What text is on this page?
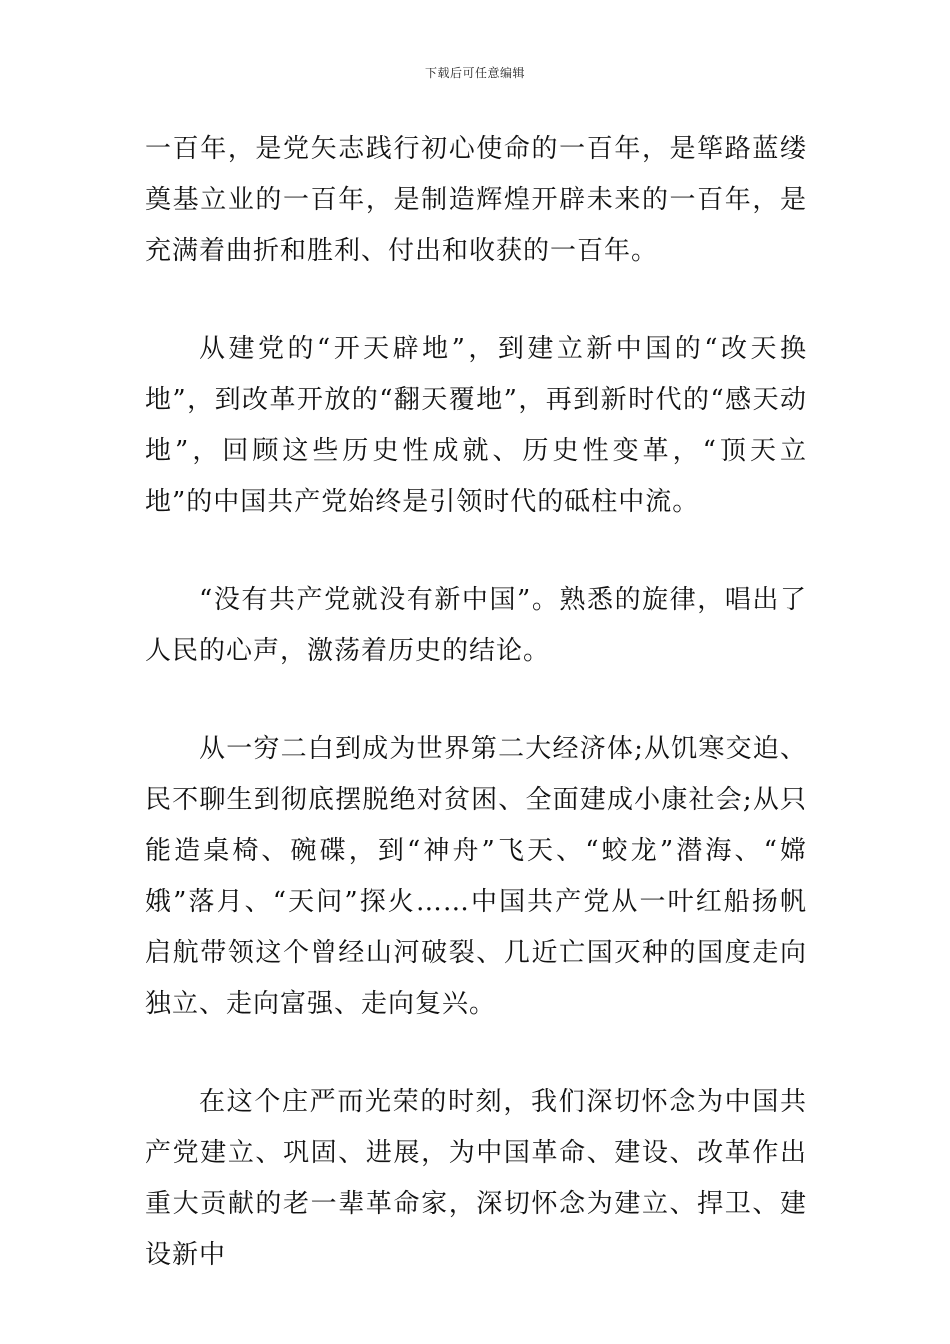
下载后可任意编辑

一百年，是党矢志践行初心使命的一百年，是筚路蓝缕奠基立业的一百年，是制造辉煌开辟未来的一百年，是充满着曲折和胜利、付出和收获的一百年。

从建党的“开天辟地”，到建立新中国的“改天换地”，到改革开放的“翻天覆地”，再到新时代的“感天动地”，回顾这些历史性成就、历史性变革，“顶天立地”的中国共产党始终是引领时代的砥柱中流。

“没有共产党就没有新中国”。熟悉的旋律，唱出了人民的心声，激荡着历史的结论。

从一穷二白到成为世界第二大经济体;从饥寒交迫、民不聊生到彻底摆脱绝对贫困、全面建成小康社会;从只能造桌椅、碗碟，到“神舟”飞天、“蛟龙”潜海、“嫦娥”落月、“天问”探火……中国共产党从一叶红船扬帆启航带领这个曾经山河破裂、几近亡国灭种的国度走向独立、走向富强、走向复兴。

在这个庄严而光荣的时刻，我们深切怀念为中国共产党建立、巩固、进展，为中国革命、建设、改革作出重大贡献的老一辈革命家，深切怀念为建立、捍卫、建设新中
